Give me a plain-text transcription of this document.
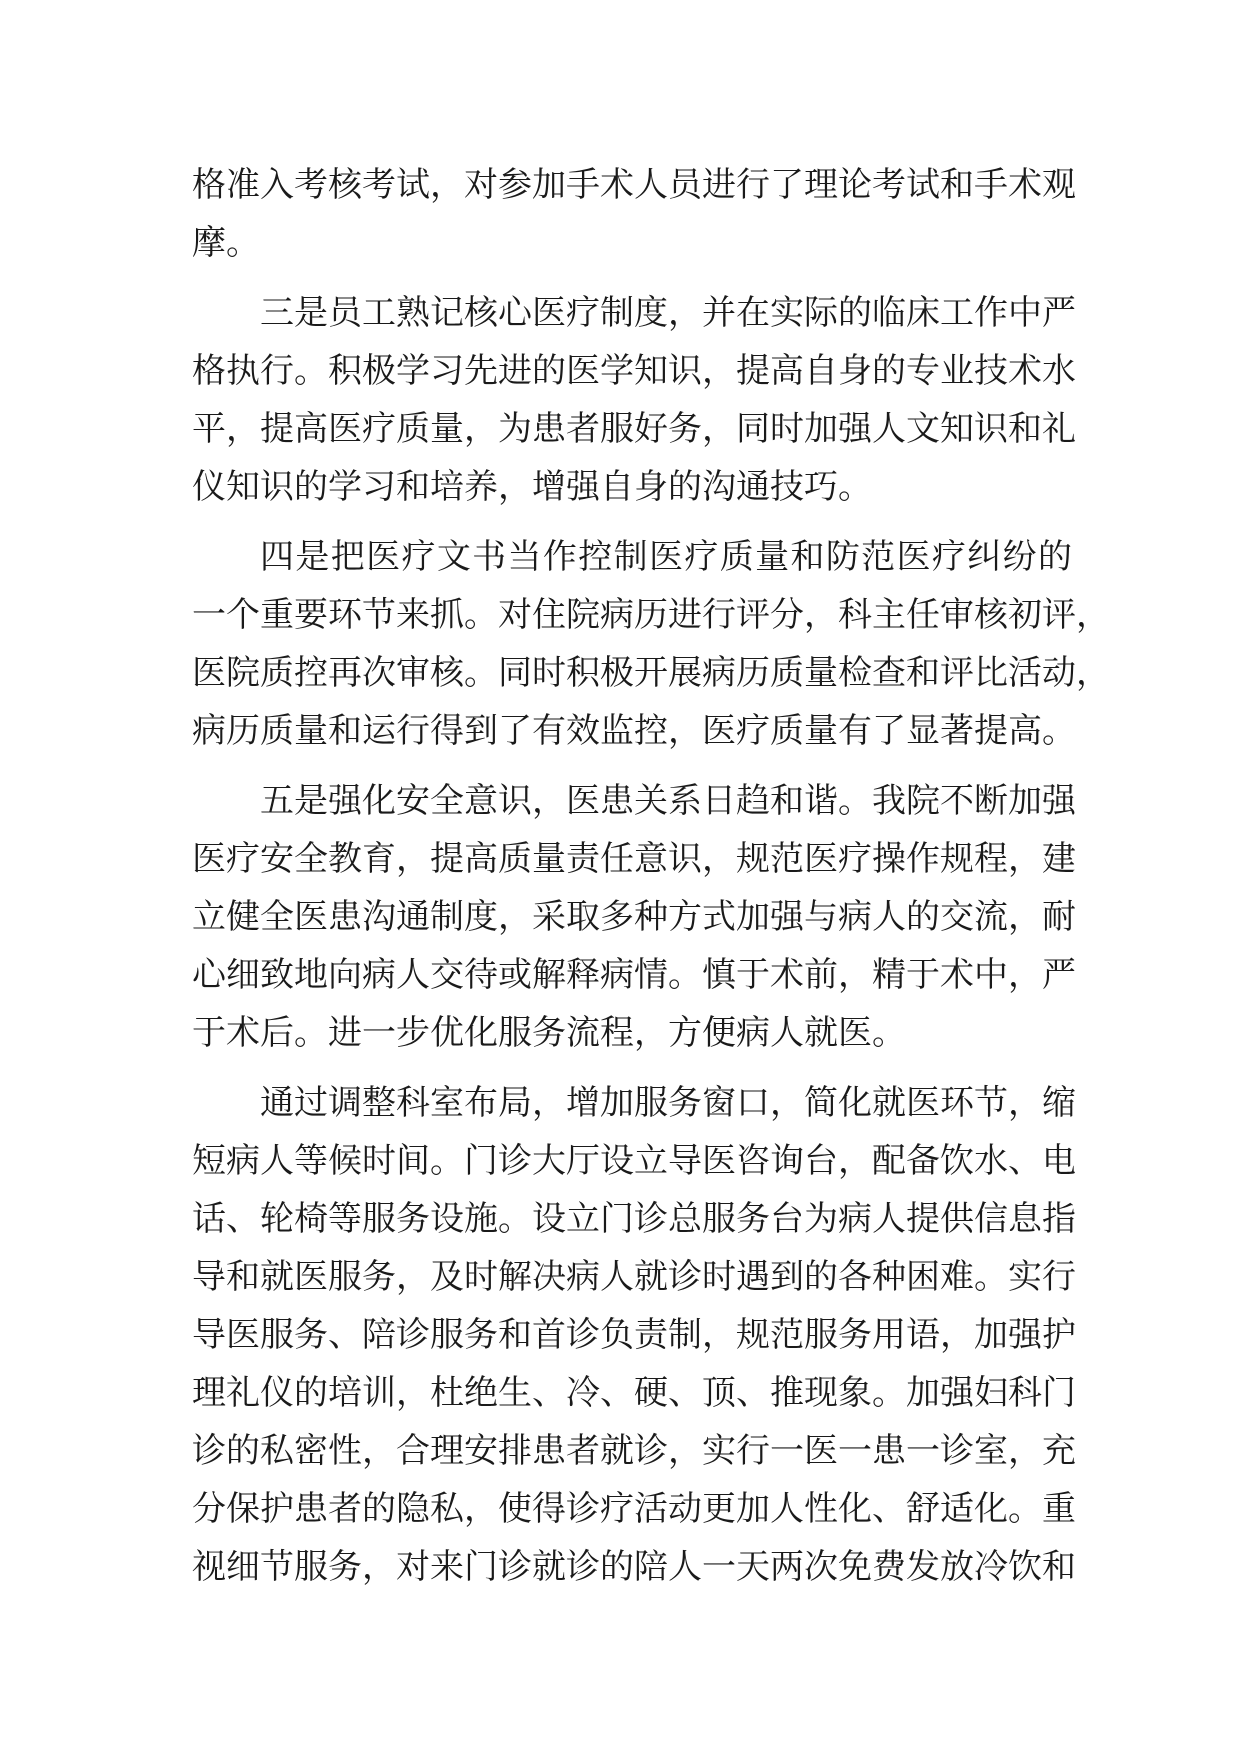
格准入考核考试，对参加手术人员进行了理论考试和手术观
摩。
三是员工熟记核心医疗制度，并在实际的临床工作中严
格执行。积极学习先进的医学知识，提高自身的专业技术水
平，提高医疗质量，为患者服好务，同时加强人文知识和礼
仪知识的学习和培养，增强自身的沟通技巧。
四是把医疗文书当作控制医疗质量和防范医疗纠纷的
一个重要环节来抓。对住院病历进行评分，科主任审核初评，
医院质控再次审核。同时积极开展病历质量检查和评比活动，
病历质量和运行得到了有效监控，医疗质量有了显著提高。
五是强化安全意识，医患关系日趋和谐。我院不断加强
医疗安全教育，提高质量责任意识，规范医疗操作规程，建
立健全医患沟通制度，采取多种方式加强与病人的交流，耐
心细致地向病人交待或解释病情。慎于术前，精于术中，严
于术后。进一步优化服务流程，方便病人就医。
通过调整科室布局，增加服务窗口，简化就医环节，缩
短病人等候时间。门诊大厅设立导医咨询台，配备饮水、电
话、轮椅等服务设施。设立门诊总服务台为病人提供信息指
导和就医服务，及时解决病人就诊时遇到的各种困难。实行
导医服务、陪诊服务和首诊负责制，规范服务用语，加强护
理礼仪的培训，杜绝生、冷、硬、顶、推现象。加强妇科门
诊的私密性，合理安排患者就诊，实行一医一患一诊室，充
分保护患者的隐私，使得诊疗活动更加人性化、舒适化。重
视细节服务，对来门诊就诊的陪人一天两次免费发放冷饮和
